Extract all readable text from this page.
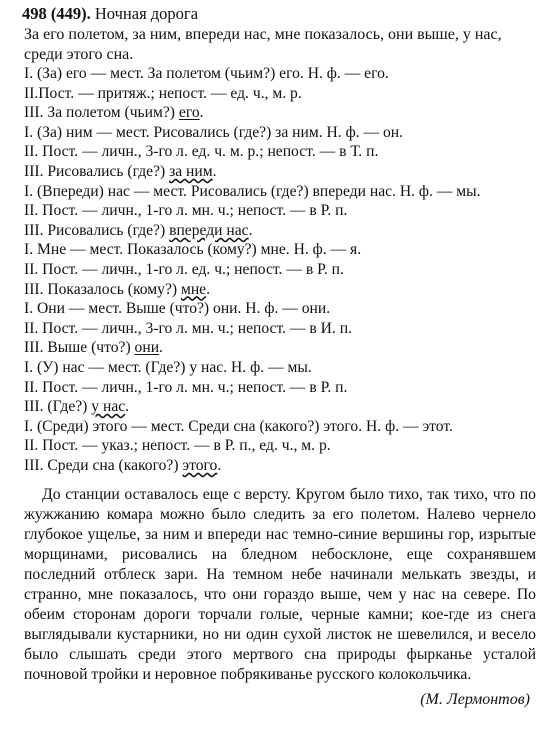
498 (449). Ночная дорога

За его полетом, за ним, впереди нас, мне показалось, они выше, у нас, среди этого сна.

I. (За) его — мест. За полетом (чьим?) его. Н. ф. — его.
II.Пост. — притяж.; непост. — ед. ч., м. р.
III. За полетом (чьим?) его.
I. (За) ним — мест. Рисовались (где?) за ним. Н. ф. — он.
II. Пост. — личн., 3-го л. ед. ч. м. р.; непост. — в Т. п.
III. Рисовались (где?) за ним.
I. (Впереди) нас — мест. Рисовались (где?) впереди нас. Н. ф. — мы.
II. Пост. — личн., 1-го л. мн. ч.; непост. — в Р. п.
III. Рисовались (где?) впереди нас.
I. Мне — мест. Показалось (кому?) мне. Н. ф. — я.
II. Пост. — личн., 1-го л. ед. ч.; непост. — в Р. п.
III. Показалось (кому?) мне.
I. Они — мест. Выше (что?) они. Н. ф. — они.
II. Пост. — личн., 3-го л. мн. ч.; непост. — в И. п.
III. Выше (что?) они.
I. (У) нас — мест. (Где?) у нас. Н. ф. — мы.
II. Пост. — личн., 1-го л. мн. ч.; непост. — в Р. п.
III. (Где?) у нас.
I. (Среди) этого — мест. Среди сна (какого?) этого. Н. ф. — этот.
II. Пост. — указ.; непост. — в Р. п., ед. ч., м. р.
III. Среди сна (какого?) этого.

До станции оставалось еще с версту. Кругом было тихо, так тихо, что по жужжанию комара можно было следить за его полетом. Налево чернело глубокое ущелье, за ним и впереди нас темно-синие вершины гор, изрытые морщинами, рисовались на бледном небосклоне, еще сохранявшем последний отблеск зари. На темном небе начинали мелькать звезды, и странно, мне показалось, что они гораздо выше, чем у нас на севере. По обеим сторонам дороги торчали голые, черные камни; кое-где из снега выглядывали кустарники, но ни один сухой листок не шевелился, и весело было слышать среди этого мертвого сна природы фырканье усталой почновой тройки и неровное побрякиванье русского колокольчика.

(М. Лермонтов)
